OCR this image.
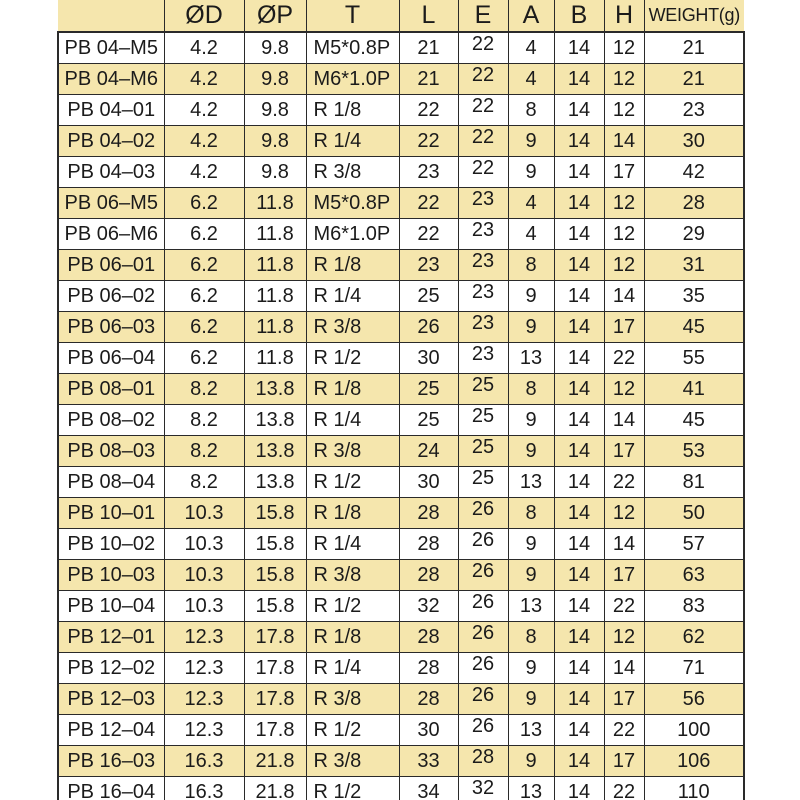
	ØD	ØP	T	L	E	A	B	H	WEIGHT(g)
PB 04–M5	4.2	9.8	M5*0.8P	21	22	4	14	12	21
PB 04–M6	4.2	9.8	M6*1.0P	21	22	4	14	12	21
PB 04–01	4.2	9.8	R 1/8	22	22	8	14	12	23
PB 04–02	4.2	9.8	R 1/4	22	22	9	14	14	30
PB 04–03	4.2	9.8	R 3/8	23	22	9	14	17	42
PB 06–M5	6.2	11.8	M5*0.8P	22	23	4	14	12	28
PB 06–M6	6.2	11.8	M6*1.0P	22	23	4	14	12	29
PB 06–01	6.2	11.8	R 1/8	23	23	8	14	12	31
PB 06–02	6.2	11.8	R 1/4	25	23	9	14	14	35
PB 06–03	6.2	11.8	R 3/8	26	23	9	14	17	45
PB 06–04	6.2	11.8	R 1/2	30	23	13	14	22	55
PB 08–01	8.2	13.8	R 1/8	25	25	8	14	12	41
PB 08–02	8.2	13.8	R 1/4	25	25	9	14	14	45
PB 08–03	8.2	13.8	R 3/8	24	25	9	14	17	53
PB 08–04	8.2	13.8	R 1/2	30	25	13	14	22	81
PB 10–01	10.3	15.8	R 1/8	28	26	8	14	12	50
PB 10–02	10.3	15.8	R 1/4	28	26	9	14	14	57
PB 10–03	10.3	15.8	R 3/8	28	26	9	14	17	63
PB 10–04	10.3	15.8	R 1/2	32	26	13	14	22	83
PB 12–01	12.3	17.8	R 1/8	28	26	8	14	12	62
PB 12–02	12.3	17.8	R 1/4	28	26	9	14	14	71
PB 12–03	12.3	17.8	R 3/8	28	26	9	14	17	56
PB 12–04	12.3	17.8	R 1/2	30	26	13	14	22	100
PB 16–03	16.3	21.8	R 3/8	33	28	9	14	17	106
PB 16–04	16.3	21.8	R 1/2	34	32	13	14	22	110
